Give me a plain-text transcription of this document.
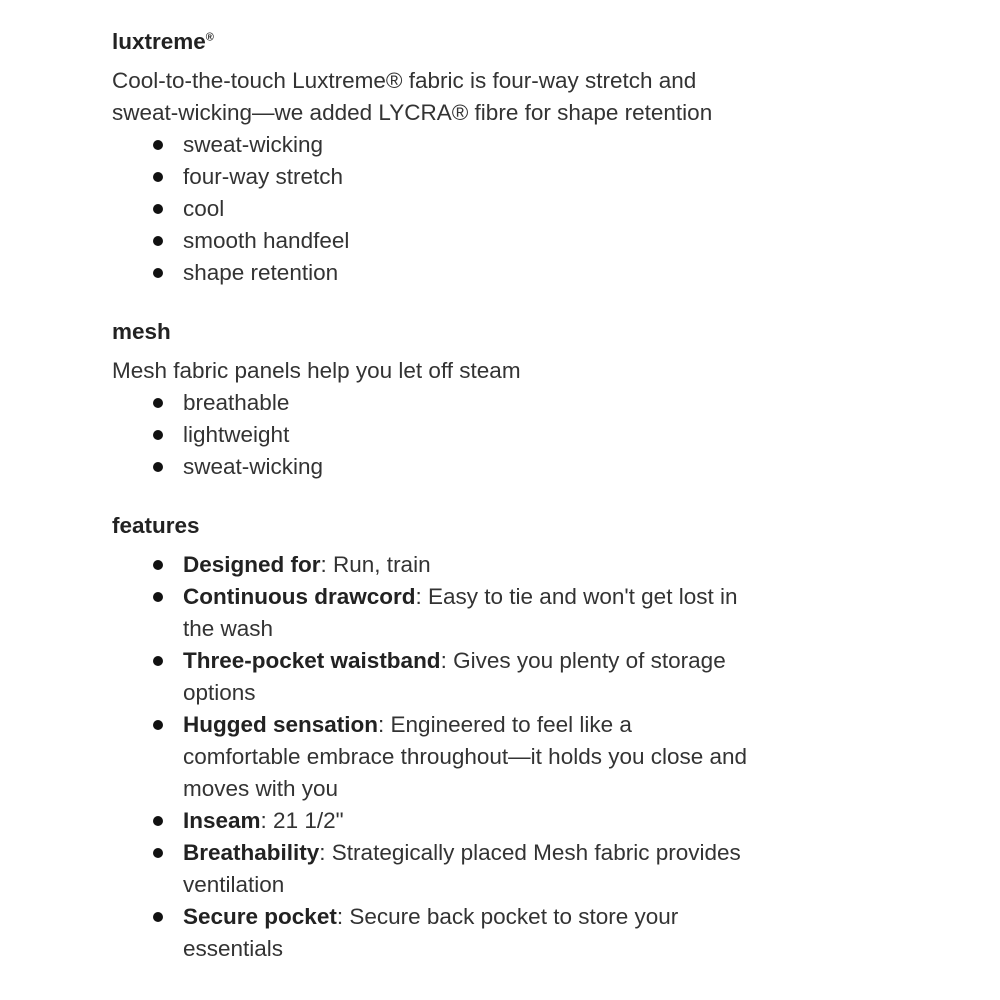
luxtreme®

Cool-to-the-touch Luxtreme® fabric is four-way stretch and sweat-wicking—we added LYCRA® fibre for shape retention

sweat-wicking
four-way stretch
cool
smooth handfeel
shape retention
mesh

Mesh fabric panels help you let off steam

breathable
lightweight
sweat-wicking
features
Designed for: Run, train
Continuous drawcord: Easy to tie and won't get lost in the wash
Three-pocket waistband: Gives you plenty of storage options
Hugged sensation: Engineered to feel like a comfortable embrace throughout—it holds you close and moves with you
Inseam: 21 1/2"
Breathability: Strategically placed Mesh fabric provides ventilation
Secure pocket: Secure back pocket to store your essentials
